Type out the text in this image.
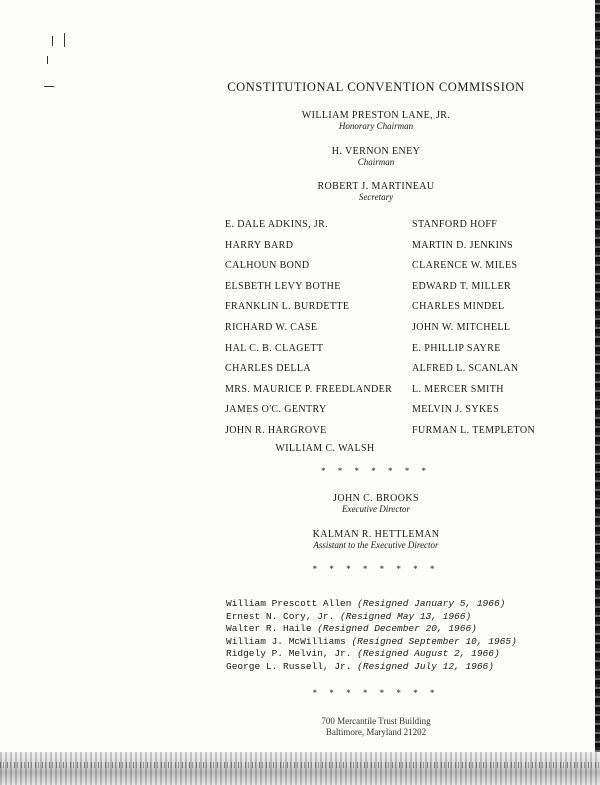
CONSTITUTIONAL CONVENTION COMMISSION
WILLIAM PRESTON LANE, JR.
Honorary Chairman
H. VERNON ENEY
Chairman
ROBERT J. MARTINEAU
Secretary
E. DALE ADKINS, JR.
HARRY BARD
CALHOUN BOND
ELSBETH LEVY BOTHE
FRANKLIN L. BURDETTE
RICHARD W. CASE
HAL C. B. CLAGETT
CHARLES DELLA
MRS. MAURICE P. FREEDLANDER
JAMES O'C. GENTRY
JOHN R. HARGROVE
STANFORD HOFF
MARTIN D. JENKINS
CLARENCE W. MILES
EDWARD T. MILLER
CHARLES MINDEL
JOHN W. MITCHELL
E. PHILLIP SAYRE
ALFRED L. SCANLAN
L. MERCER SMITH
MELVIN J. SYKES
FURMAN L. TEMPLETON
WILLIAM C. WALSH
* * * * * * *
JOHN C. BROOKS
Executive Director
KALMAN R. HETTLEMAN
Assistant to the Executive Director
* * * * * * * *
William Prescott Allen (Resigned January 5, 1966)
Ernest N. Cory, Jr. (Resigned May 13, 1966)
Walter R. Haile (Resigned December 20, 1966)
William J. McWilliams (Resigned September 10, 1965)
Ridgely P. Melvin, Jr. (Resigned August 2, 1966)
George L. Russell, Jr. (Resigned July 12, 1966)
* * * * * * * *
700 Mercantile Trust Building
Baltimore, Maryland 21202
